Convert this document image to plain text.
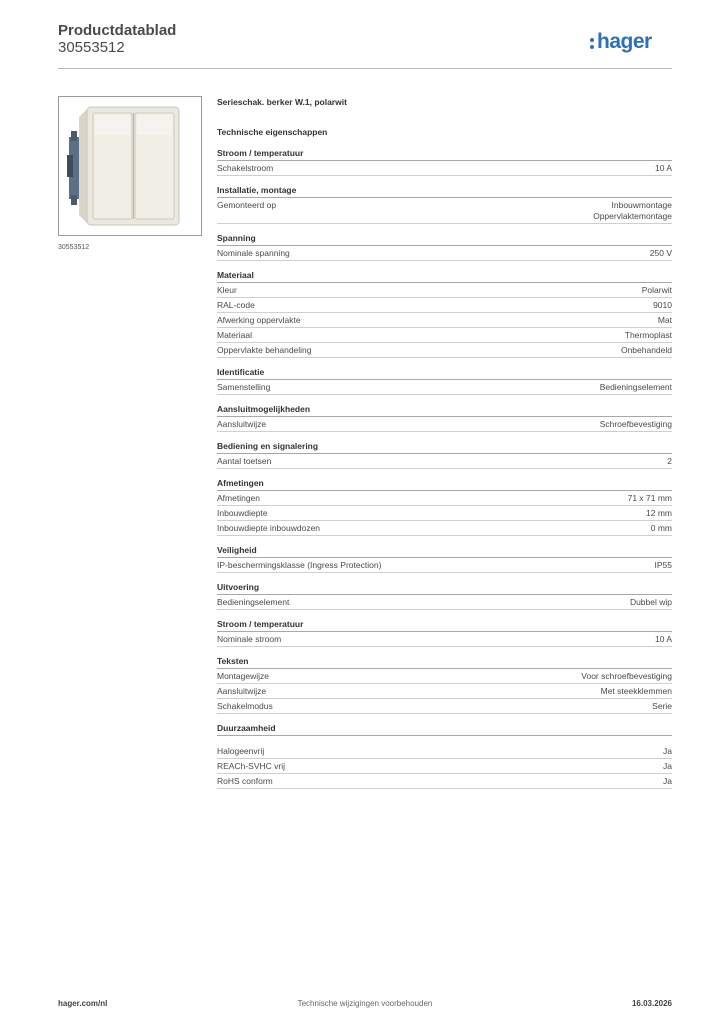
Productdatablad
30553512	hager
30553512
Serieschak. berker W.1, polarwit
Technische eigenschappen
Stroom / temperatuur
Schakelstroom	10 A
Installatie, montage
Gemonteerd op	Inbouwmontage
Oppervlaktemontage
Spanning
Nominale spanning	250 V
Materiaal
Kleur	Polarwit
RAL-code	9010
Afwerking oppervlakte	Mat
Materiaal	Thermoplast
Oppervlakte behandeling	Onbehandeld
Identificatie
Samenstelling	Bedieningselement
Aansluitmogelijkheden
Aansluitwijze	Schroefbevestiging
Bediening en signalering
Aantal toetsen	2
Afmetingen
Afmetingen	71 x 71 mm
Inbouwdiepte	12 mm
Inbouwdiepte inbouwdozen	0 mm
Veiligheid
IP-beschermingsklasse (Ingress Protection)	IP55
Uitvoering
Bedieningselement	Dubbel wip
Stroom / temperatuur
Nominale stroom	10 A
Teksten
Montagewijze	Voor schroefbevestiging
Aansluitwijze	Met steekklemmen
Schakelmodus	Serie
Duurzaamheid
Halogeenvrij	Ja
REACh-SVHC vrij	Ja
RoHS conform	Ja
Technische wijzigingen voorbehouden
hager.com/nl	16.03.2026
